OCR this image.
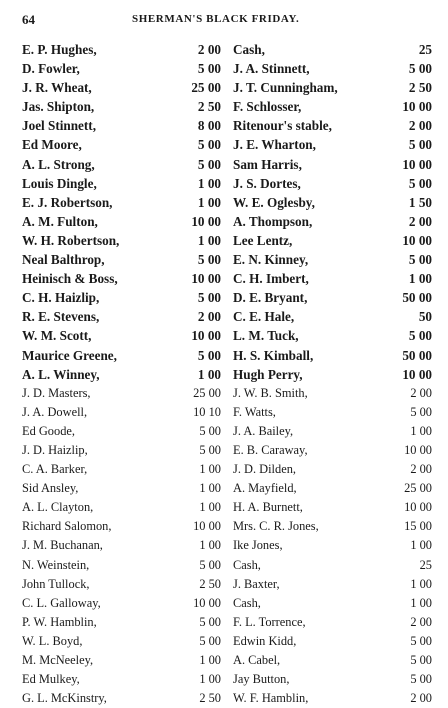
64	SHERMAN'S BLACK FRIDAY.
E. P. Hughes,	2 00 Cash,	25
D. Fowler,	5 00 J. A. Stinnett,	5 00
J. R. Wheat,	25 00 J. T. Cunningham,	2 50
Jas. Shipton,	2 50 F. Schlosser,	10 00
Joel Stinnett,	8 00 Ritenour's stable,	2 00
Ed Moore,	5 00 J. E. Wharton,	5 00
A. L. Strong,	5 00 Sam Harris,	10 00
Louis Dingle,	1 00 J. S. Dortes,	5 00
E. J. Robertson,	1 00 W. E. Oglesby,	1 50
A. M. Fulton,	10 00 A. Thompson,	2 00
W. H. Robertson,	1 00 Lee Lentz,	10 00
Neal Balthrop,	5 00 E. N. Kinney,	5 00
Heinisch & Boss,	10 00 C. H. Imbert,	1 00
C. H. Haizlip,	5 00 D. E. Bryant,	50 00
R. E. Stevens,	2 00 C. E. Hale,	50
W. M. Scott,	10 00 L. M. Tuck,	5 00
Maurice Greene,	5 00 H. S. Kimball,	50 00
A. L. Winney,	1 00 Hugh Perry,	10 00
J. D. Masters,	25 00 J. W. B. Smith,	2 00
J. A. Dowell,	10 10 F. Watts,	5 00
Ed Goode,	5 00 J. A. Bailey,	1 00
J. D. Haizlip,	5 00 E. B. Caraway,	10 00
C. A. Barker,	1 00 J. D. Dilden,	2 00
Sid Ansley,	1 00 A. Mayfield,	25 00
A. L. Clayton,	1 00 H. A. Burnett,	10 00
Richard Salomon,	10 00 Mrs. C. R. Jones,	15 00
J. M. Buchanan,	1 00 Ike Jones,	1 00
N. Weinstein,	5 00 Cash,	25
John Tullock,	2 50 J. Baxter,	1 00
C. L. Galloway,	10 00 Cash,	1 00
P. W. Hamblin,	5 00 F. L. Torrence,	2 00
W. L. Boyd,	5 00 Edwin Kidd,	5 00
M. McNeeley,	1 00 A. Cabel,	5 00
Ed Mulkey,	1 00 Jay Button,	5 00
G. L. McKinstry,	2 50 W. F. Hamblin,	2 00
